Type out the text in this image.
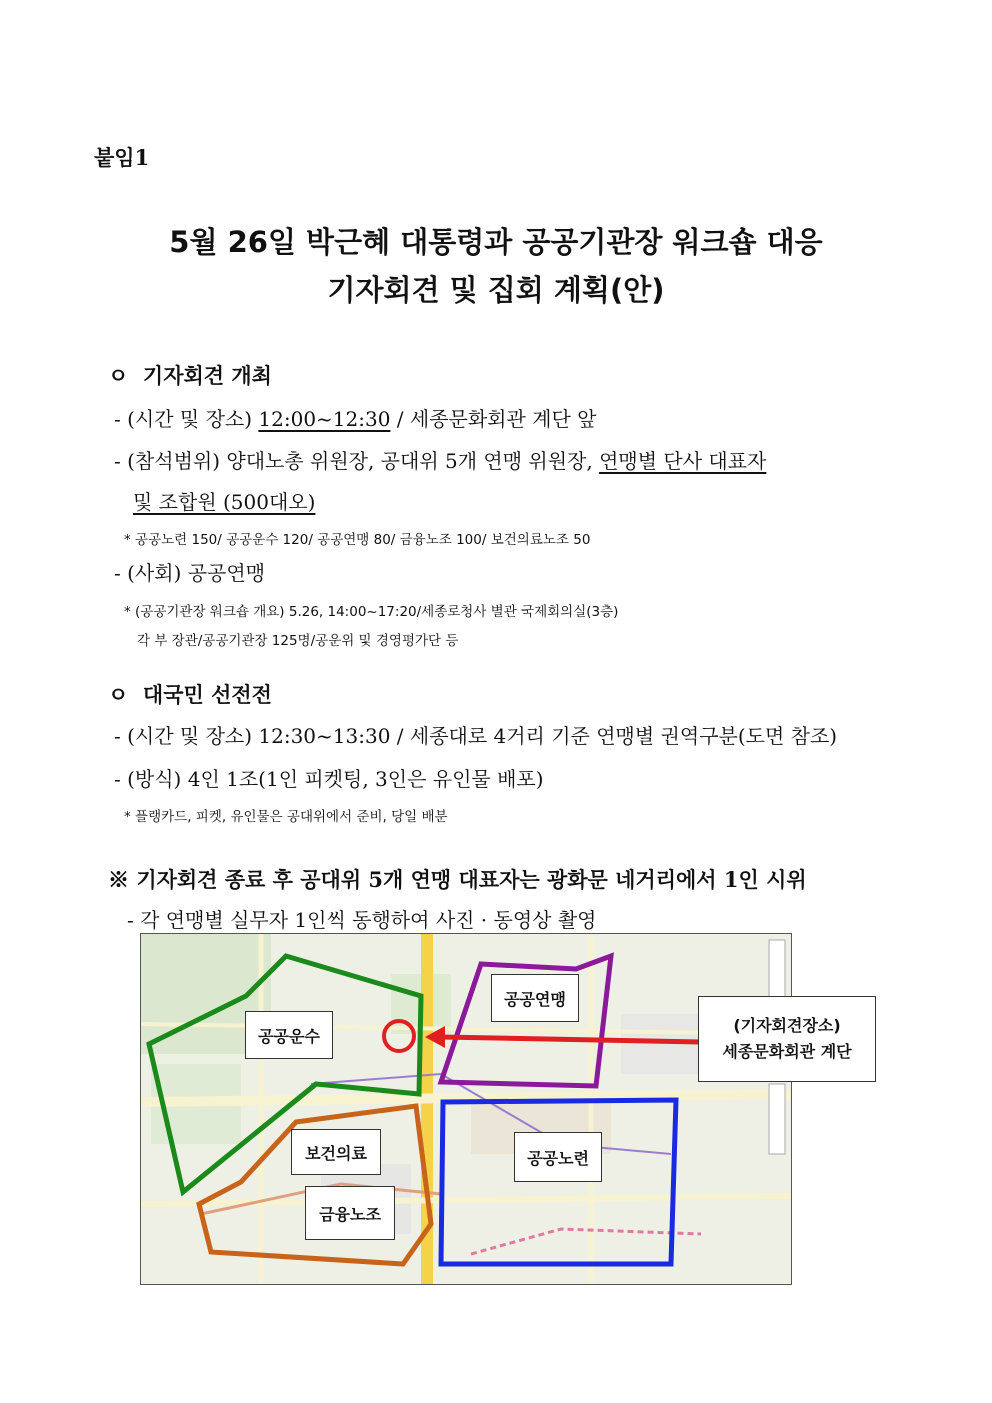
붙임1
5월 26일 박근혜 대통령과 공공기관장 워크숍 대응
기자회견 및 집회 계획(안)
ㅇ 기자회견 개최
- (시간 및 장소) 12:00~12:30 / 세종문화회관 계단 앞
- (참석범위) 양대노총 위원장, 공대위 5개 연맹 위원장, 연맹별 단사 대표자
및 조합원 (500대오)
* 공공노련 150/ 공공운수 120/ 공공연맹 80/ 금융노조 100/ 보건의료노조 50
- (사회) 공공연맹
* (공공기관장 워크숍 개요) 5.26, 14:00~17:20/세종로청사 별관 국제회의실(3층)
각 부 장관/공공기관장 125명/공운위 및 경영평가단 등
ㅇ 대국민 선전전
- (시간 및 장소) 12:30~13:30 / 세종대로 4거리 기준 연맹별 권역구분(도면 참조)
- (방식) 4인 1조(1인 피켓팅, 3인은 유인물 배포)
* 플랭카드, 피켓, 유인물은 공대위에서 준비, 당일 배분
※ 기자회견 종료 후 공대위 5개 연맹 대표자는 광화문 네거리에서 1인 시위
- 각 연맹별 실무자 1인씩 동행하여 사진 · 동영상 촬영
공공운수
공공연맹
공공노련
보건의료
금융노조
(기자회견장소)
세종문화회관 계단
